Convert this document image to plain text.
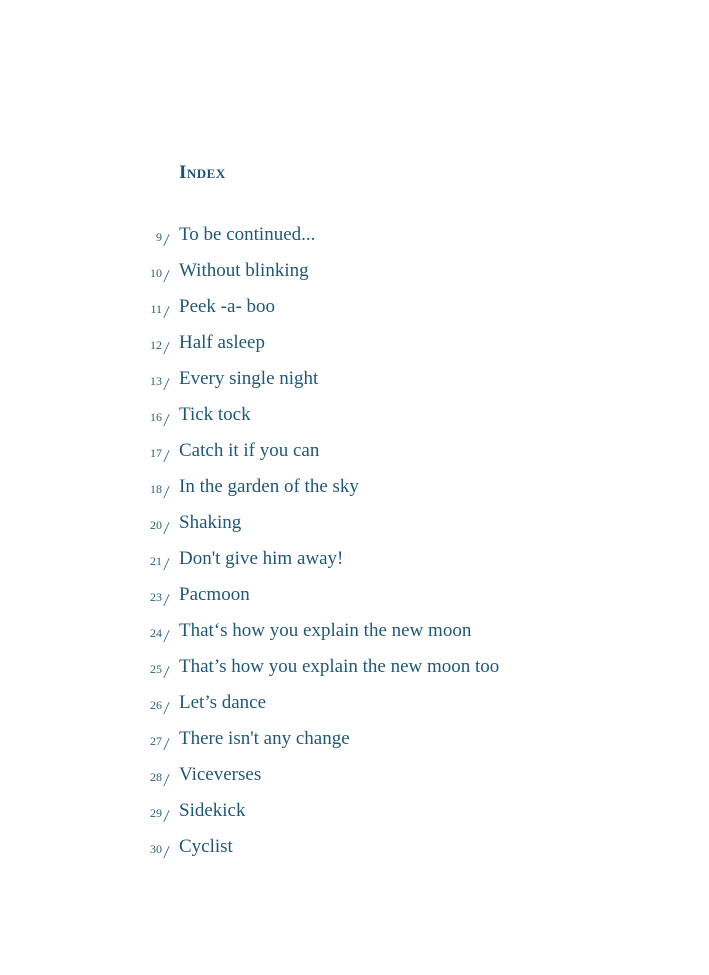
Index
9 / To be continued...
10 / Without blinking
11 / Peek -a- boo
12 / Half asleep
13 / Every single night
16 / Tick tock
17 / Catch it if you can
18 / In the garden of the sky
20 / Shaking
21 / Don't give him away!
23 / Pacmoon
24 / That‘s how you explain the new moon
25 / That’s how you explain the new moon too
26 / Let’s dance
27 / There isn't any change
28 / Viceverses
29 / Sidekick
30 / Cyclist
